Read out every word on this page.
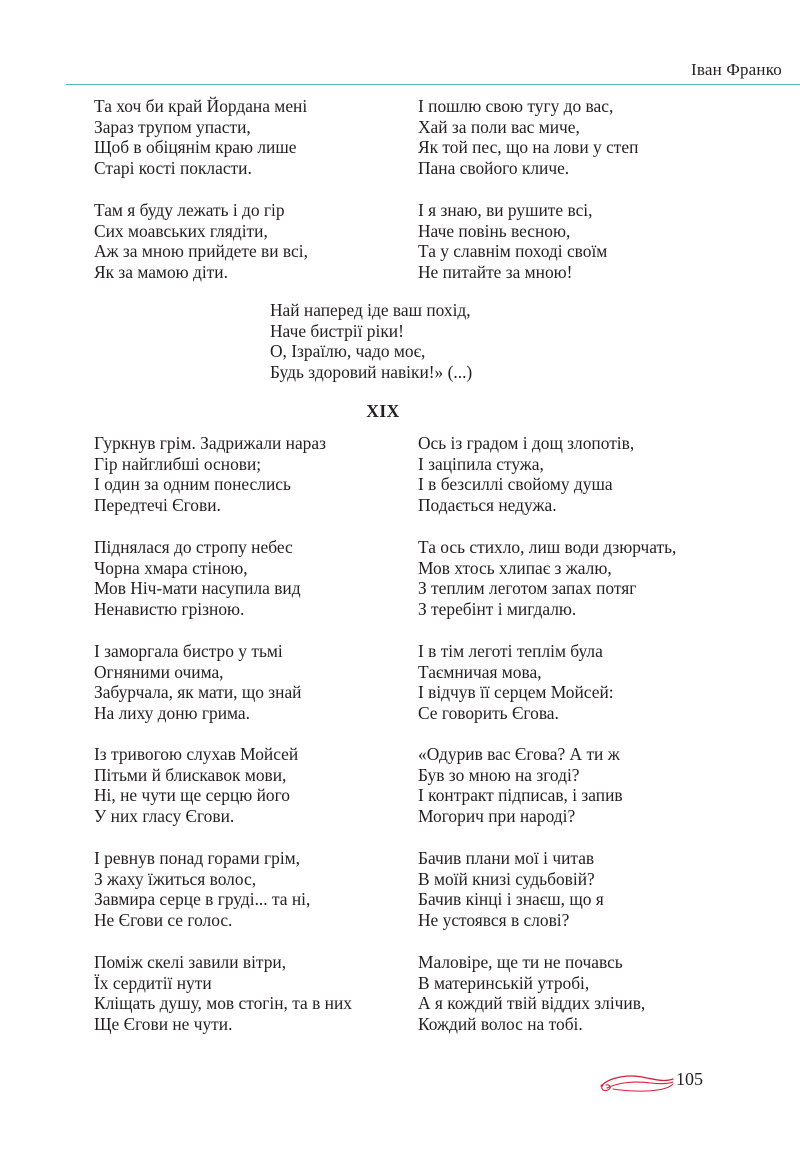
Іван Франко

Та хоч би край Йордана мені
Зараз трупом упасти,
Щоб в обіцянім краю лише
Старі кості покласти.

І пошлю свою тугу до вас,
Хай за поли вас миче,
Як той пес, що на лови у степ
Пана свойого кличе.

Там я буду лежать і до гір
Сих моавських глядіти,
Аж за мною прийдете ви всі,
Як за мамою діти.

І я знаю, ви рушите всі,
Наче повінь весною,
Та у славнім поході своїм
Не питайте за мною!

Най наперед іде ваш похід,
Наче бистрії ріки!
О, Ізраїлю, чадо моє,
Будь здоровий навіки!» (...)

XIX

Гуркнув грім. Задрижали нараз
Гір найглибші основи;
І один за одним понеслись
Передтечі Єгови.

Ось із градом і дощ злопотів,
І заціпила стужа,
І в безсиллі свойому душа
Подається недужа.

Піднялася до стропу небес
Чорна хмара стіною,
Мов Ніч-мати насупила вид
Ненавистю грізною.

Та ось стихло, лиш води дзюрчать,
Мов хтось хлипає з жалю,
З теплим леготом запах потяг
З теребінт і мигдалю.

І заморгала бистро у тьмі
Огняними очима,
Забурчала, як мати, що знай
На лиху доню грима.

І в тім леготі теплім була
Таємничая мова,
І відчув її серцем Мойсей:
Се говорить Єгова.

Із тривогою слухав Мойсей
Пітьми й блискавок мови,
Ні, не чути ще серцю його
У них гласу Єгови.

«Одурив вас Єгова? А ти ж
Був зо мною на згоді?
І контракт підписав, і запив
Могорич при народі?

І ревнув понад горами грім,
З жаху їжиться волос,
Завмира серце в груді... та ні,
Не Єгови се голос.

Бачив плани мої і читав
В моїй книзі судьбовій?
Бачив кінці і знаєш, що я
Не устоявся в слові?

Поміж скелі завили вітри,
Їх сердитії нути
Кліщать душу, мов стогін, та в них
Ще Єгови не чути.

Маловіре, ще ти не почавсь
В материнській утробі,
А я кождий твій віддих злічив,
Кождий волос на тобі.

105
